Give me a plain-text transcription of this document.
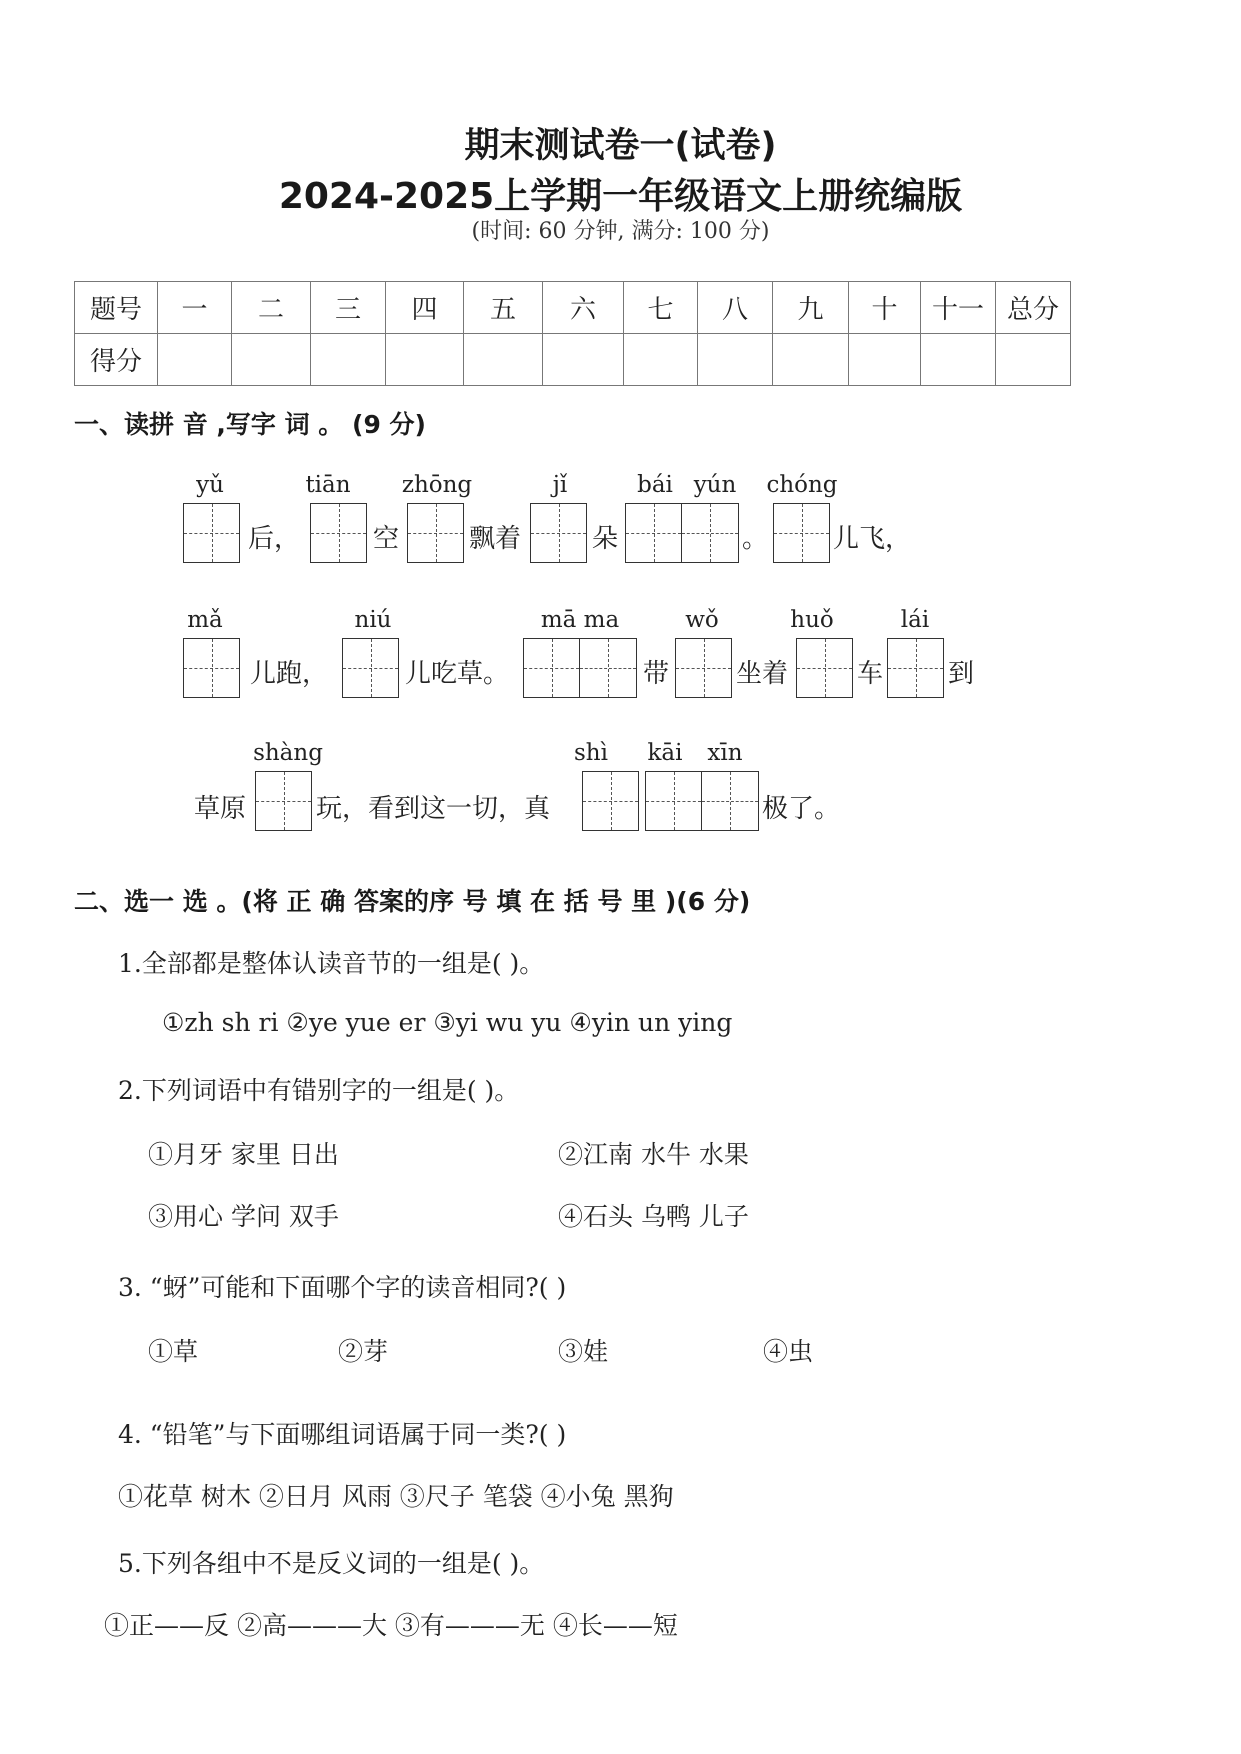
期末测试卷一(试卷)
2024-2025上学期一年级语文上册统编版
(时间: 60 分钟, 满分: 100 分)
题号	一	二	三	四	五	六	七	八	九	十	十一	总分
得分												
一、读拼 音 ,写字 词 。 (9 分)
yǔ
后，
tiān
空
zhōng
飘着
jǐ
朵
bái yún
。
chóng
儿飞，
mǎ
儿跑，
niú
儿吃草。
mā ma
带
wǒ
坐着
huǒ
车
lái
到
草原
shàng
玩，看到这一切，真
shì	kāi	xīn
极了。
二、选一 选 。(将 正 确 答案的序 号 填 在 括 号 里 )(6 分)
1.全部都是整体认读音节的一组是( )。
①zh sh ri ②ye yue er ③yi wu yu ④yin un ying
2.下列词语中有错别字的一组是( )。
①月牙 家里 日出	②江南 水牛 水果
③用心 学问 双手	④石头 乌鸭 儿子
3. “蚜”可能和下面哪个字的读音相同?( )
①草	②芽	③娃	④虫
4. “铅笔”与下面哪组词语属于同一类?( )
①花草 树木 ②日月 风雨 ③尺子 笔袋 ④小兔 黑狗
5.下列各组中不是反义词的一组是( )。
①正——反 ②高———大 ③有———无 ④长——短
